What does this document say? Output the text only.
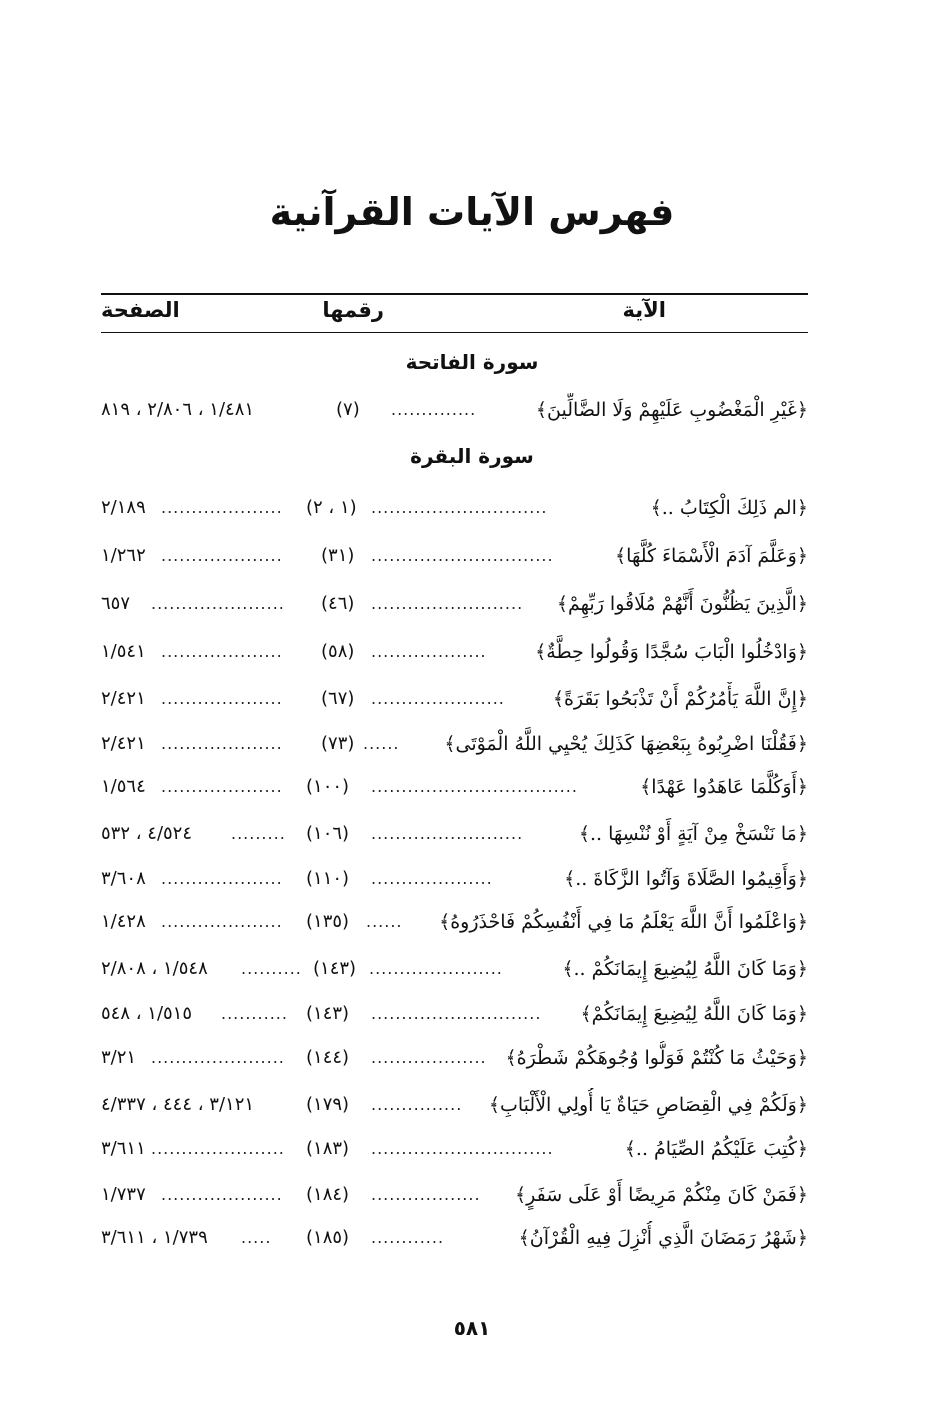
فهرس الآيات القرآنية
الآية
رقمها
الصفحة
سورة الفاتحة
﴿غَيْرِ الْمَغْضُوبِ عَلَيْهِمْ وَلَا الضَّالِّينَ﴾
..............
(٧)
١/٤٨١ ، ٢/٨٠٦ ، ٨١٩
سورة البقرة
﴿الم ذَلِكَ الْكِتَابُ ..﴾
.............................
(١ ، ٢)
....................
٢/١٨٩
﴿وَعَلَّمَ آدَمَ الْأَسْمَاءَ كُلَّهَا﴾
..............................
(٣١)
....................
١/٢٦٢
﴿الَّذِينَ يَظُنُّونَ أَنَّهُمْ مُلَاقُوا رَبِّهِمْ﴾
.........................
(٤٦)
......................
٦٥٧
﴿وَادْخُلُوا الْبَابَ سُجَّدًا وَقُولُوا حِطَّةٌ﴾
...................
(٥٨)
....................
١/٥٤١
﴿إِنَّ اللَّهَ يَأْمُرُكُمْ أَنْ تَذْبَحُوا بَقَرَةً﴾
......................
(٦٧)
....................
٢/٤٢١
﴿فَقُلْنَا اضْرِبُوهُ بِبَعْضِهَا كَذَلِكَ يُحْيِي اللَّهُ الْمَوْتَى﴾
......
(٧٣)
....................
٢/٤٢١
﴿أَوَكُلَّمَا عَاهَدُوا عَهْدًا﴾
..................................
(١٠٠)
....................
١/٥٦٤
﴿مَا نَنْسَخْ مِنْ آيَةٍ أَوْ نُنْسِهَا ..﴾
.........................
(١٠٦)
.........
٤/٥٢٤ ، ٥٣٢
﴿وَأَقِيمُوا الصَّلَاةَ وَآتُوا الزَّكَاةَ ..﴾
....................
(١١٠)
....................
٣/٦٠٨
﴿وَاعْلَمُوا أَنَّ اللَّهَ يَعْلَمُ مَا فِي أَنْفُسِكُمْ فَاحْذَرُوهُ﴾
......
(١٣٥)
....................
١/٤٢٨
﴿وَمَا كَانَ اللَّهُ لِيُضِيعَ إِيمَانَكُمْ ..﴾
......................
(١٤٣)
..........
١/٥٤٨ ، ٢/٨٠٨
﴿وَمَا كَانَ اللَّهُ لِيُضِيعَ إِيمَانَكُمْ﴾
............................
(١٤٣)
...........
١/٥١٥ ، ٥٤٨
﴿وَحَيْثُ مَا كُنْتُمْ فَوَلُّوا وُجُوهَكُمْ شَطْرَهُ﴾
...................
(١٤٤)
......................
٣/٢١
﴿وَلَكُمْ فِي الْقِصَاصِ حَيَاةٌ يَا أُولِي الْأَلْبَابِ﴾
...............
(١٧٩)
٣/١٢١ ، ٤٤٤ ، ٤/٣٣٧
﴿كُتِبَ عَلَيْكُمُ الصِّيَامُ ..﴾
..............................
(١٨٣)
......................
٣/٦١١
﴿فَمَنْ كَانَ مِنْكُمْ مَرِيضًا أَوْ عَلَى سَفَرٍ﴾
..................
(١٨٤)
....................
١/٧٣٧
﴿شَهْرُ رَمَضَانَ الَّذِي أُنْزِلَ فِيهِ الْقُرْآنُ﴾
............
(١٨٥)
.....
١/٧٣٩ ، ٣/٦١١
٥٨١
